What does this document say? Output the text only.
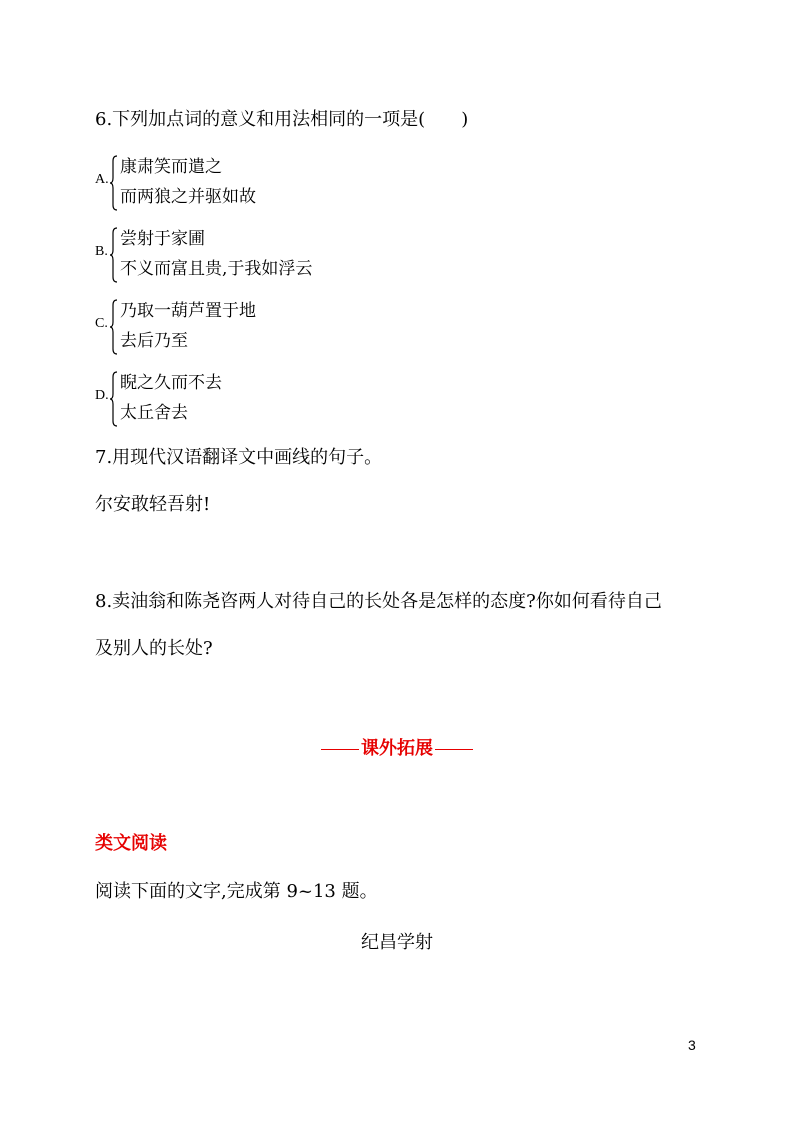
6.下列加点词的意义和用法相同的一项是(　　)
A.
康肃笑而遣之
而两狼之并驱如故
B.
尝射于家圃
不义而富且贵,于我如浮云
C.
乃取一葫芦置于地
去后乃至
D.
睨之久而不去
太丘舍去
7.用现代汉语翻译文中画线的句子。
尔安敢轻吾射!
8.卖油翁和陈尧咨两人对待自己的长处各是怎样的态度?你如何看待自己
及别人的长处?
课外拓展
类文阅读
阅读下面的文字,完成第 9~13 题。
纪昌学射
3
